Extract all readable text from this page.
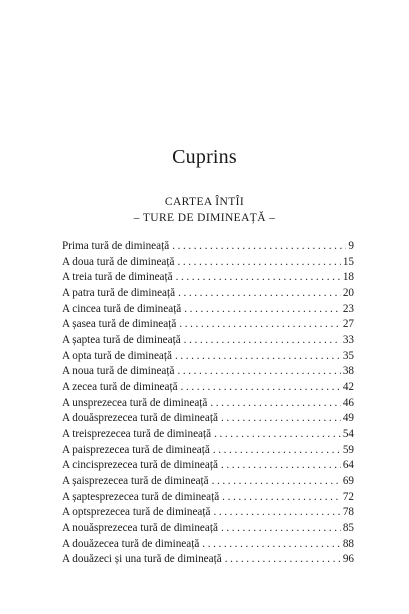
Cuprins
CARTEA ÎNTÎI
– TURE DE DIMINEAȚĂ –
Prima tură de dimineață .....	9
A doua tură de dimineață .....	15
A treia tură de dimineață .....	18
A patra tură de dimineață .....	20
A cincea tură de dimineață .....	23
A șasea tură de dimineață .....	27
A șaptea tură de dimineață .....	33
A opta tură de dimineață .....	35
A noua tură de dimineață .....	38
A zecea tură de dimineață .....	42
A unsprezecea tură de dimineață .....	46
A douăsprezecea tură de dimineață .....	49
A treisprezecea tură de dimineață .....	54
A paisprezecea tură de dimineață .....	59
A cincisprezecea tură de dimineață .....	64
A șaisprezecea tură de dimineață .....	69
A șaptesprezecea tură de dimineață .....	72
A optsprezecea tură de dimineață .....	78
A nouăsprezecea tură de dimineață .....	85
A douăzecea tură de dimineață .....	88
A douăzeci și una tură de dimineață .....	96
